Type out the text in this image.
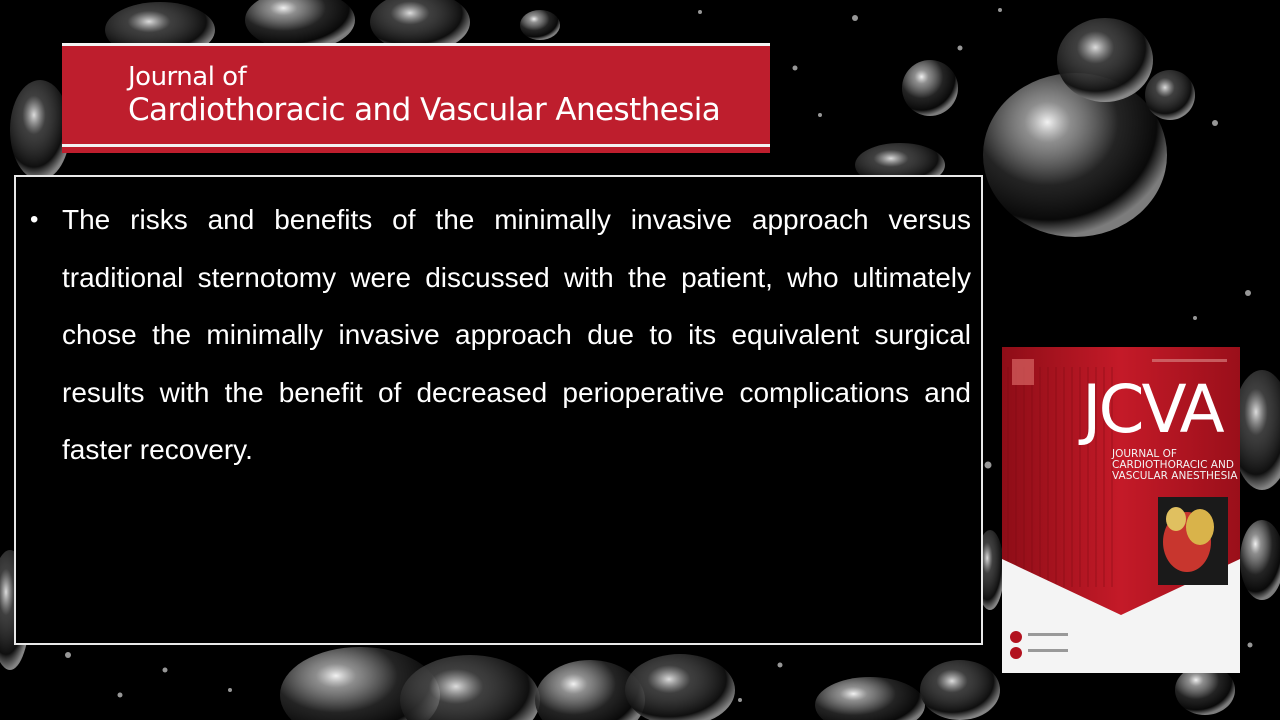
Journal of
Cardiothoracic and Vascular Anesthesia
• The risks and benefits of the minimally invasive approach versus traditional sternotomy were discussed with the patient, who ultimately chose the minimally invasive approach due to its equivalent surgical results with the benefit of decreased perioperative complications and faster recovery.
JCVA
JOURNAL OF CARDIOTHORACIC AND VASCULAR ANESTHESIA
